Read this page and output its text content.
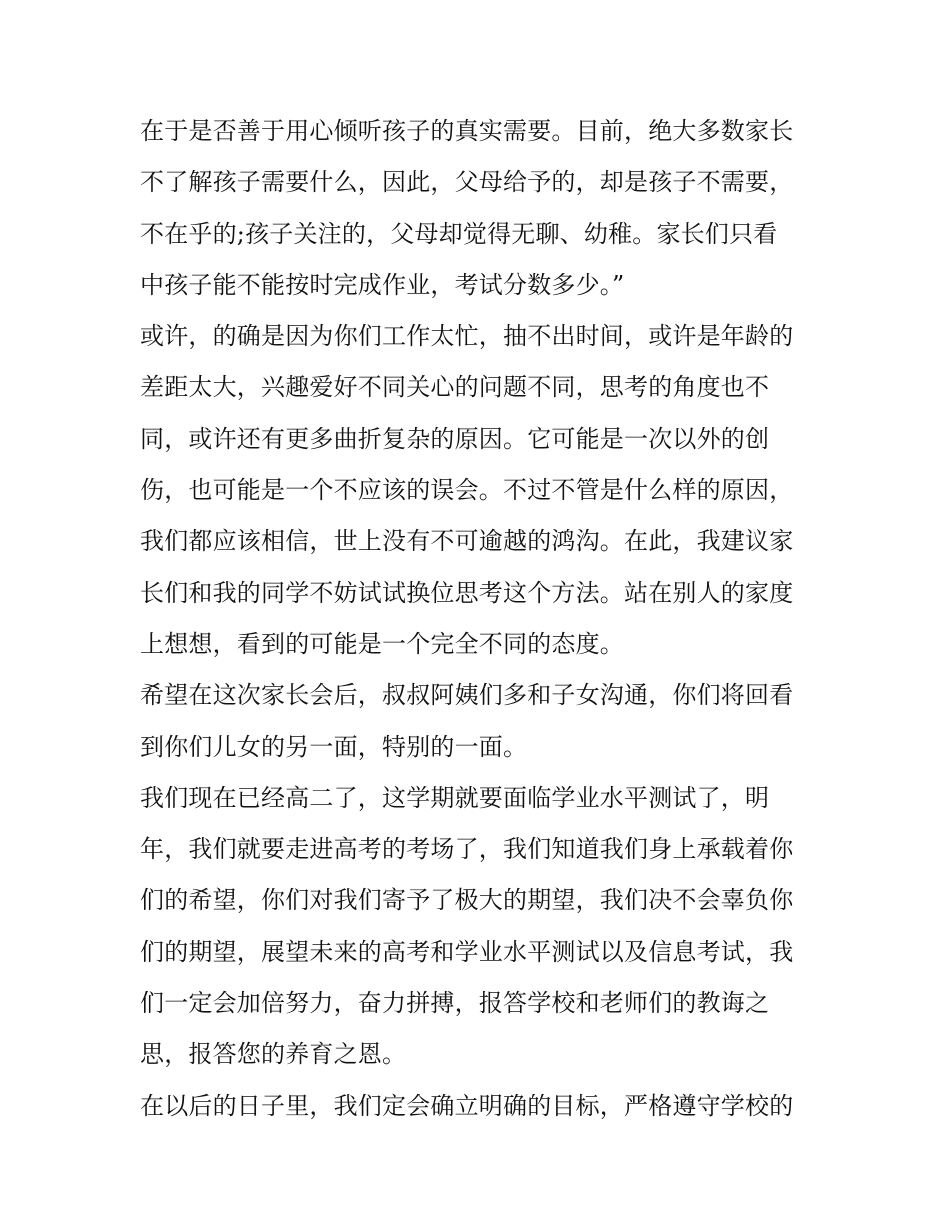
在于是否善于用心倾听孩子的真实需要。目前，绝大多数家长
不了解孩子需要什么，因此，父母给予的，却是孩子不需要，
不在乎的;孩子关注的，父母却觉得无聊、幼稚。家长们只看
中孩子能不能按时完成作业，考试分数多少。”
或许，的确是因为你们工作太忙，抽不出时间，或许是年龄的
差距太大，兴趣爱好不同关心的问题不同，思考的角度也不
同，或许还有更多曲折复杂的原因。它可能是一次以外的创
伤，也可能是一个不应该的误会。不过不管是什么样的原因，
我们都应该相信，世上没有不可逾越的鸿沟。在此，我建议家
长们和我的同学不妨试试换位思考这个方法。站在别人的家度
上想想，看到的可能是一个完全不同的态度。
希望在这次家长会后，叔叔阿姨们多和子女沟通，你们将回看
到你们儿女的另一面，特别的一面。
我们现在已经高二了，这学期就要面临学业水平测试了，明
年，我们就要走进高考的考场了，我们知道我们身上承载着你
们的希望，你们对我们寄予了极大的期望，我们决不会辜负你
们的期望，展望未来的高考和学业水平测试以及信息考试，我
们一定会加倍努力，奋力拼搏，报答学校和老师们的教诲之
思，报答您的养育之恩。
在以后的日子里，我们定会确立明确的目标，严格遵守学校的
